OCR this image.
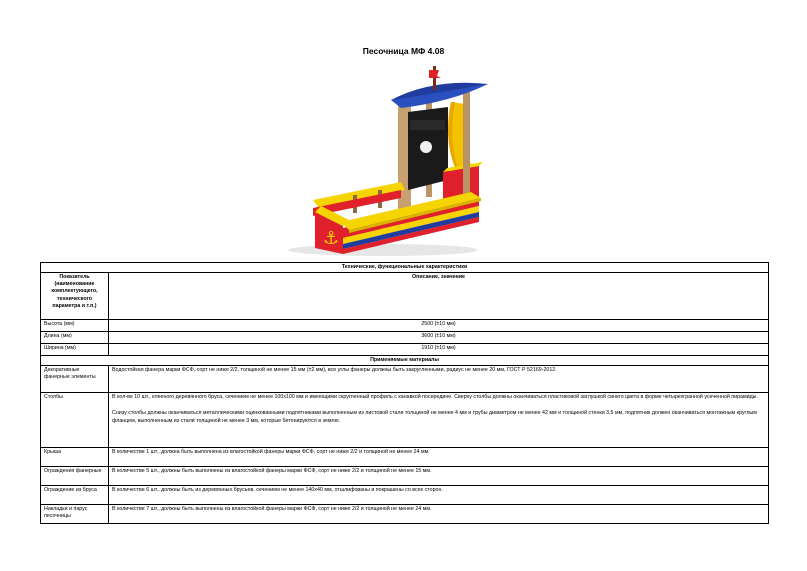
Песочница МФ 4.08
⚓
Технические, функциональные характеристики	
Показатель (наименование комплектующего, технического параметра и т.п.)	Описание, значение
Высота (мм)	2500 (±10 мм)
Длина (мм)	3600 (±10 мм)
Ширина (мм)	1910 (±10 мм)
Применяемые материалы	
Декоративные фанерные элементы	Водостойкая фанера марки ФСФ, сорт не ниже 2/2, толщиной не менее 15 мм (±2 мм), все углы фанеры должны быть закругленными, радиус не менее 20 мм, ГОСТ Р 52169-2012.

Столбы	В кол-ве 10 шт., клееного деревянного бруса, сечением не менее 100х100 мм и имеющими скругленный профиль с канавкой посередине. Сверху столбы должны оканчиваться пластиковой заглушкой синего цвета в форме четырехгранной усеченной пирамиды.

Снизу столбы должны оканчиваться металлическими оцинкованными подпятниками выполненным из листовой стали толщиной не менее 4 мм и трубы диаметром не менее 42 мм и толщиной стенки 3,5 мм, подпятник должен оканчиваться монтажным круглым фланцем, выполненным из стали толщиной не менее 3 мм, которые бетонируются в землю.

Крыша	В количестве 1 шт., должна быть выполнена из влагостойкой фанеры марки ФСФ, сорт не ниже 2/2 и толщиной не менее 24 мм.

Ограждения фанерные	В количестве 5 шт., должны быть выполнены из влагостойкой фанеры марки ФСФ, сорт не ниже 2/2 и толщиной не менее 15 мм.

Ограждение из бруса	В количестве 6 шт., должны быть из деревянных брусьев, сечением не менее 140х40 мм, отшлифованы и покрашены со всех сторон.

Накладки и парус песочницы	В количестве 7 шт., должны быть выполнены из влагостойкой фанеры марки ФСФ, сорт не ниже 2/2 и толщиной не менее 24 мм.
